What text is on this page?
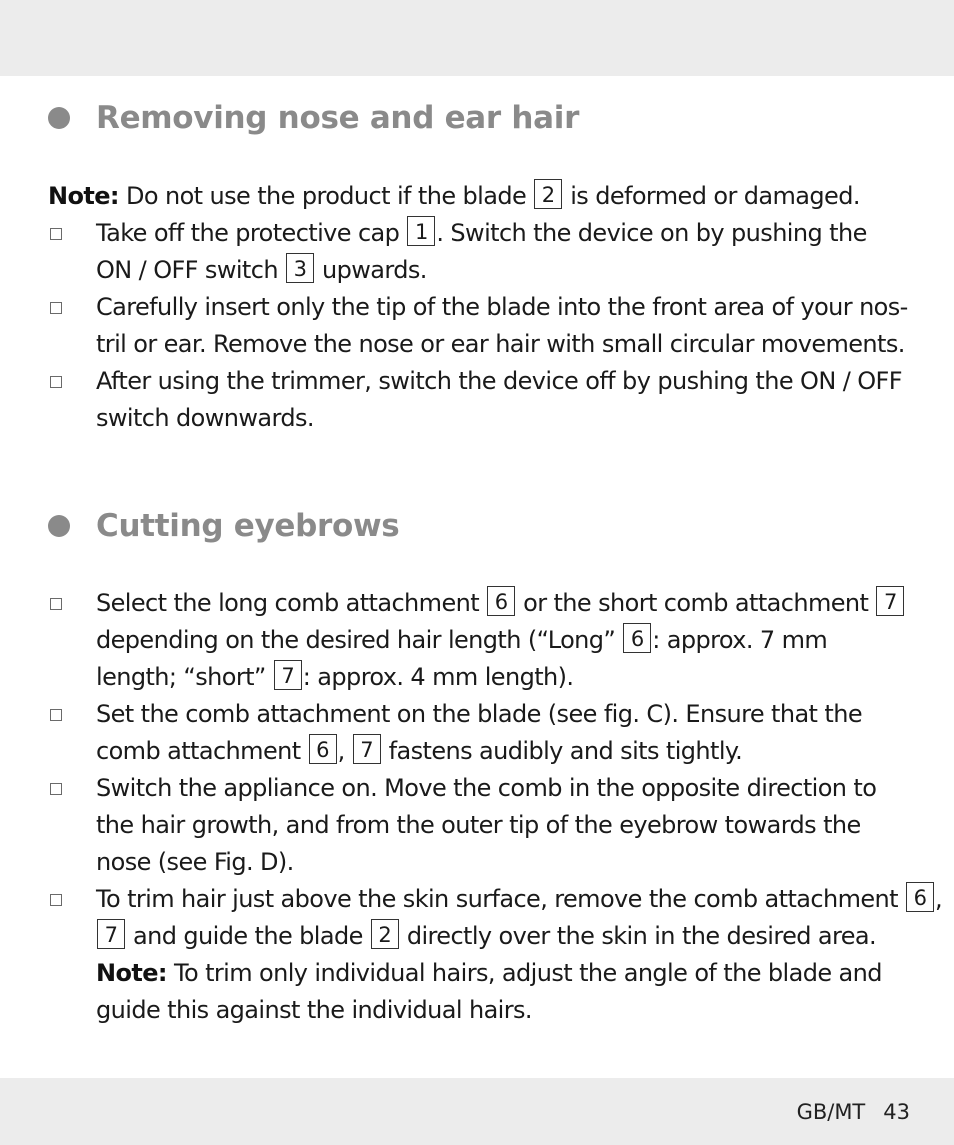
Removing nose and ear hair
Note: Do not use the product if the blade 2 is deformed or damaged.
Take off the protective cap 1 . Switch the device on by pushing the
ON / OFF switch 3 upwards.
Carefully insert only the tip of the blade into the front area of your nos-
tril or ear. Remove the nose or ear hair with small circular movements.
After using the trimmer, switch the device off by pushing the ON / OFF
switch downwards.
Cutting eyebrows
Select the long comb attachment 6 or the short comb attachment 7
depending on the desired hair length (“Long” 6 : approx. 7 mm
length; “short” 7 : approx. 4 mm length).
Set the comb attachment on the blade (see fig. C). Ensure that the
comb attachment 6 , 7 fastens audibly and sits tightly.
Switch the appliance on. Move the comb in the opposite direction to
the hair growth, and from the outer tip of the eyebrow towards the
nose (see Fig. D).
To trim hair just above the skin surface, remove the comb attachment 6 ,
7 and guide the blade 2 directly over the skin in the desired area.
Note: To trim only individual hairs, adjust the angle of the blade and
guide this against the individual hairs.
GB/MT 43
